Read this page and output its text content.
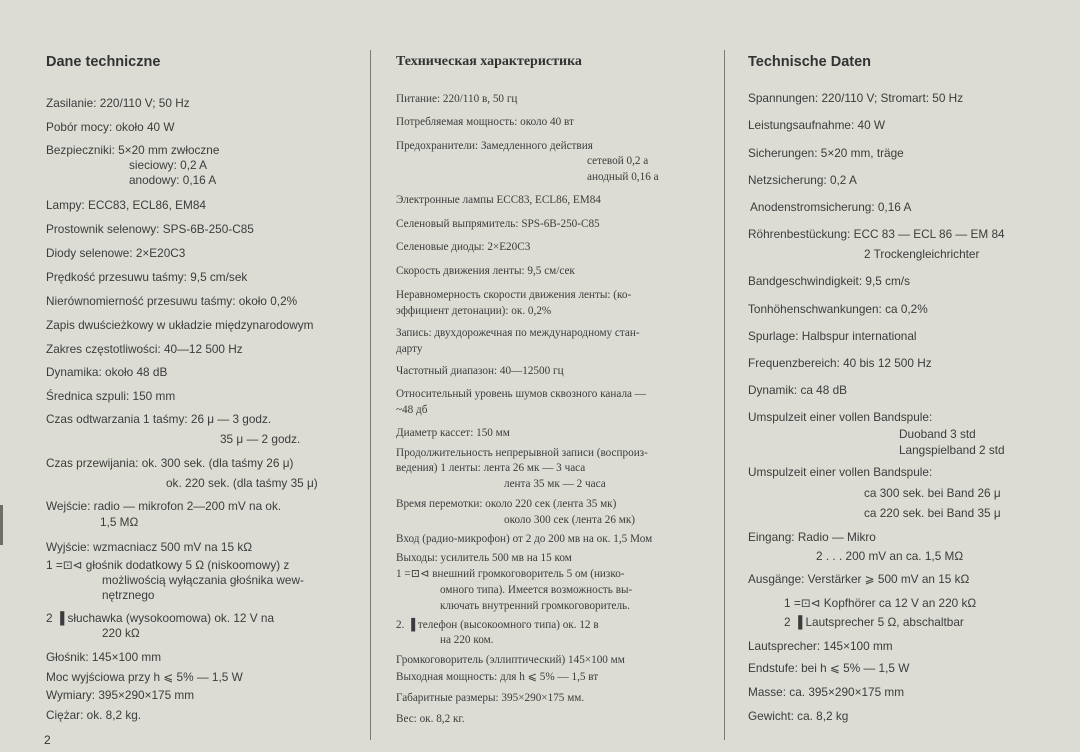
Dane techniczne
Zasilanie: 220/110 V; 50 Hz
Pobór mocy: około 40 W
Bezpieczniki: 5×20 mm zwłoczne
sieciowy: 0,2 A
anodowy: 0,16 A
Lampy: ECC83, ECL86, EM84
Prostownik selenowy: SPS-6B-250-C85
Diody selenowe: 2×E20C3
Prędkość przesuwu taśmy: 9,5 cm/sek
Nierównomierność przesuwu taśmy: około 0,2%
Zapis dwuścieżkowy w układzie międzynarodowym
Zakres częstotliwości: 40—12 500 Hz
Dynamika: około 48 dB
Średnica szpuli: 150 mm
Czas odtwarzania 1 taśmy: 26 μ — 3 godz.
35 μ — 2 godz.
Czas przewijania: ok. 300 sek. (dla taśmy 26 μ)
ok. 220 sek. (dla taśmy 35 μ)
Wejście: radio — mikrofon 2—200 mV na ok.
1,5 MΩ
Wyjście: wzmacniacz 500 mV na 15 kΩ
1 =⊡⊲ głośnik dodatkowy 5 Ω (niskoomowy) z
możliwością wyłączania głośnika wew-
nętrznego
2 ▐ słuchawka (wysokoomowa) ok. 12 V na
220 kΩ
Głośnik: 145×100 mm
Moc wyjściowa przy h ⩽ 5% — 1,5 W
Wymiary: 395×290×175 mm
Ciężar: ok. 8,2 kg.
Техническая характеристика
Питание: 220/110 в, 50 гц
Потребляемая мощность: около 40 вт
Предохранители: Замедленного действия
сетевой 0,2 а
анодный 0,16 а
Электронные лампы ECC83, ECL86, EM84
Селеновый выпрямитель: SPS-6B-250-C85
Селеновые диоды: 2×E20C3
Скорость движения ленты: 9,5 см/сек
Неравномерность скорости движения ленты: (ко-
эффициент детонации): ок. 0,2%
Запись: двухдорожечная по международному стан-
дарту
Частотный диапазон: 40—12500 гц
Относительный уровень шумов сквозного канала —
~48 дб
Диаметр кассет: 150 мм
Продолжительность непрерывной записи (воспроиз-
ведения) 1 ленты: лента 26 мк — 3 часа
лента 35 мк — 2 часа
Время перемотки: около 220 сек (лента 35 мк)
около 300 сек (лента 26 мк)
Вход (радио-микрофон) от 2 до 200 мв на ок. 1,5 Мом
Выходы: усилитель 500 мв на 15 ком
1 =⊡⊲ внешний громкоговоритель 5 ом (низко-
омного типа). Имеется возможность вы-
ключать внутренний громкоговоритель.
2. ▐ телефон (высокоомного типа) ок. 12 в
на 220 ком.
Громкоговоритель (эллиптический) 145×100 мм
Выходная мощность: для h ⩽ 5% — 1,5 вт
Габаритные размеры: 395×290×175 мм.
Вес: ок. 8,2 кг.
Technische Daten
Spannungen: 220/110 V; Stromart: 50 Hz
Leistungsaufnahme: 40 W
Sicherungen: 5×20 mm, träge
Netzsicherung: 0,2 A
Anodenstromsicherung: 0,16 A
Röhrenbestückung: ECC 83 — ECL 86 — EM 84
2 Trockengleichrichter
Bandgeschwindigkeit: 9,5 cm/s
Tonhöhenschwankungen: ca 0,2%
Spurlage: Halbspur international
Frequenzbereich: 40 bis 12 500 Hz
Dynamik: ca 48 dB
Umspulzeit einer vollen Bandspule:
Duoband 3 std
Langspielband 2 std
Umspulzeit einer vollen Bandspule:
ca 300 sek. bei Band 26 μ
ca 220 sek. bei Band 35 μ
Eingang: Radio — Mikro
2 . . . 200 mV an ca. 1,5 MΩ
Ausgänge: Verstärker ⩾ 500 mV an 15 kΩ
1 =⊡⊲ Kopfhörer ca 12 V an 220 kΩ
2 ▐ Lautsprecher 5 Ω, abschaltbar
Lautsprecher: 145×100 mm
Endstufe: bei h ⩽ 5% — 1,5 W
Masse: ca. 395×290×175 mm
Gewicht: ca. 8,2 kg
2
